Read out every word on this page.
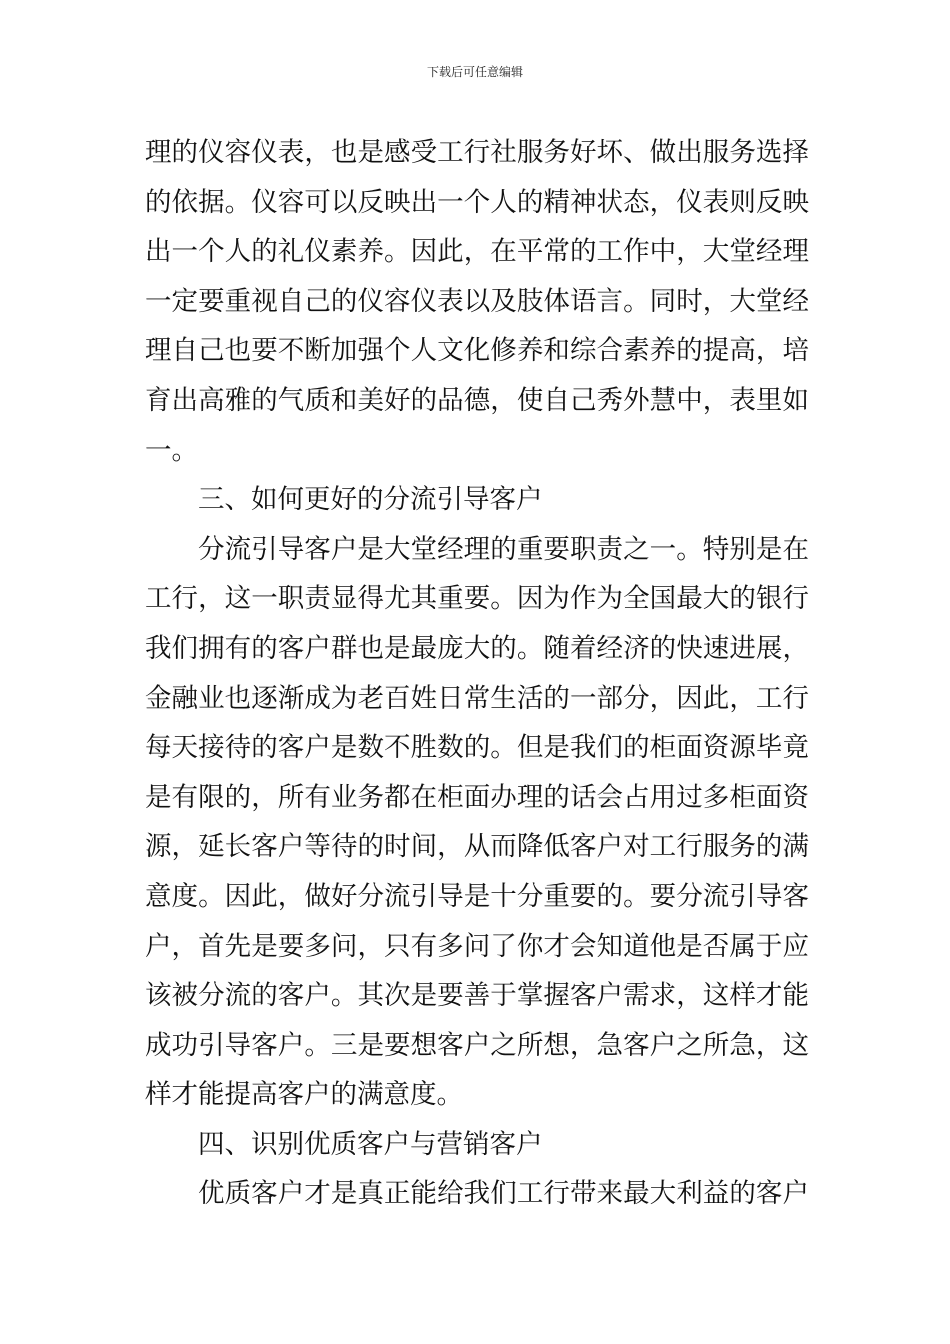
下载后可任意编辑
理的仪容仪表，也是感受工行社服务好坏、做出服务选择
的依据。仪容可以反映出一个人的精神状态，仪表则反映
出一个人的礼仪素养。因此，在平常的工作中，大堂经理
一定要重视自己的仪容仪表以及肢体语言。同时，大堂经
理自己也要不断加强个人文化修养和综合素养的提高，培
育出高雅的气质和美好的品德，使自己秀外慧中，表里如
一。
三、如何更好的分流引导客户
分流引导客户是大堂经理的重要职责之一。特别是在
工行，这一职责显得尤其重要。因为作为全国最大的银行
我们拥有的客户群也是最庞大的。随着经济的快速进展，
金融业也逐渐成为老百姓日常生活的一部分，因此，工行
每天接待的客户是数不胜数的。但是我们的柜面资源毕竟
是有限的，所有业务都在柜面办理的话会占用过多柜面资
源，延长客户等待的时间，从而降低客户对工行服务的满
意度。因此，做好分流引导是十分重要的。要分流引导客
户，首先是要多问，只有多问了你才会知道他是否属于应
该被分流的客户。其次是要善于掌握客户需求，这样才能
成功引导客户。三是要想客户之所想，急客户之所急，这
样才能提高客户的满意度。
四、识别优质客户与营销客户
优质客户才是真正能给我们工行带来最大利益的客户
